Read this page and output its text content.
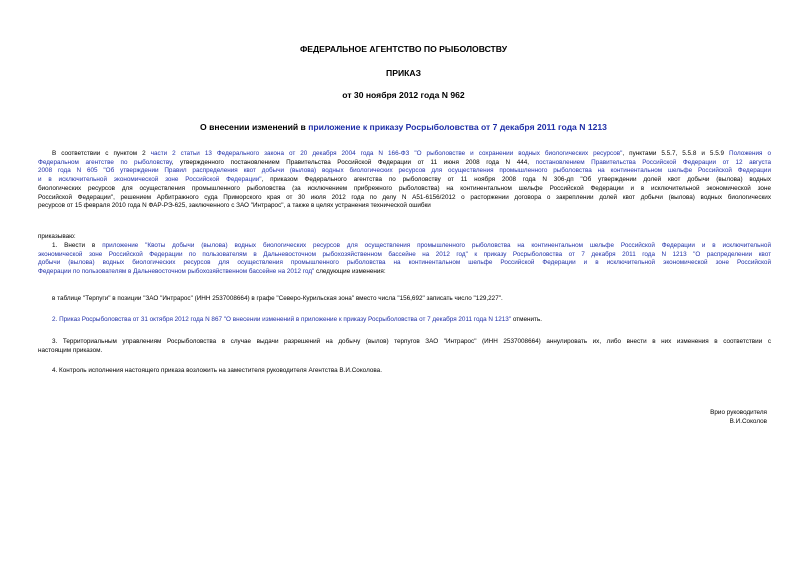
ФЕДЕРАЛЬНОЕ АГЕНТСТВО ПО РЫБОЛОВСТВУ
ПРИКАЗ
от 30 ноября 2012 года N 962
О внесении изменений в приложение к приказу Росрыболовства от 7 декабря 2011 года N 1213
В соответствии с пунктом 2 части 2 статьи 13 Федерального закона от 20 декабря 2004 года N 166-ФЗ "О рыболовстве и сохранении водных биологических ресурсов", пунктами 5.5.7, 5.5.8 и 5.5.9 Положения о
Федеральном агентстве по рыболовству, утвержденного постановлением Правительства Российской Федерации от 11 июня 2008 года N 444, постановлением Правительства Российской Федерации от 12 августа
2008 года N 605 "Об утверждении Правил распределения квот добычи (вылова) водных биологических ресурсов для осуществления промышленного рыболовства на континентальном шельфе Российской Федерации
и в исключительной экономической зоне Российской Федерации", приказом Федерального агентства по рыболовству от 11 ноября 2008 года N 306-дп "Об утверждении долей квот добычи (вылова) водных
биологических ресурсов для осуществления промышленного рыболовства (за исключением прибрежного рыболовства) на континентальном шельфе Российской Федерации и в исключительной экономической зоне
Российской Федерации", решением Арбитражного суда Приморского края от 30 июля 2012 года по делу N А51-6156/2012 о расторжении договора о закреплении долей квот добычи (вылова) водных биологических
ресурсов от 15 февраля 2010 года N ФАР-РЭ-625, заключенного с ЗАО "Интрарос", а также в целях устранения технической ошибки
приказываю:
1. Внести в приложение "Квоты добычи (вылова) водных биологических ресурсов для осуществления промышленного рыболовства на континентальном шельфе Российской Федерации и в исключительной
экономической зоне Российской Федерации по пользователям в Дальневосточном рыбохозяйственном бассейне на 2012 год" к приказу Росрыболовства от 7 декабря 2011 года N 1213 "О распределении квот
добычи (вылова) водных биологических ресурсов для осуществления промышленного рыболовства на континентальном шельфе Российской Федерации и в исключительной экономической зоне Российской
Федерации по пользователям в Дальневосточном рыбохозяйственном бассейне на 2012 год" следующие изменения:
в таблице "Терпуги" в позиции "ЗАО "Интрарос" (ИНН 2537008664) в графе "Северо-Курильская зона" вместо числа "156,692" записать число "129,227".
2. Приказ Росрыболовства от 31 октября 2012 года N 867 "О внесении изменений в приложение к приказу Росрыболовства от 7 декабря 2011 года N 1213" отменить.
3. Территориальным управлениям Росрыболовства в случае выдачи разрешений на добычу (вылов) терпугов ЗАО "Интрарос" (ИНН 2537008664) аннулировать их, либо внести в них изменения в соответствии с
настоящим приказом.
4. Контроль исполнения настоящего приказа возложить на заместителя руководителя Агентства В.И.Соколова.
Врио руководителя
В.И.Соколов
